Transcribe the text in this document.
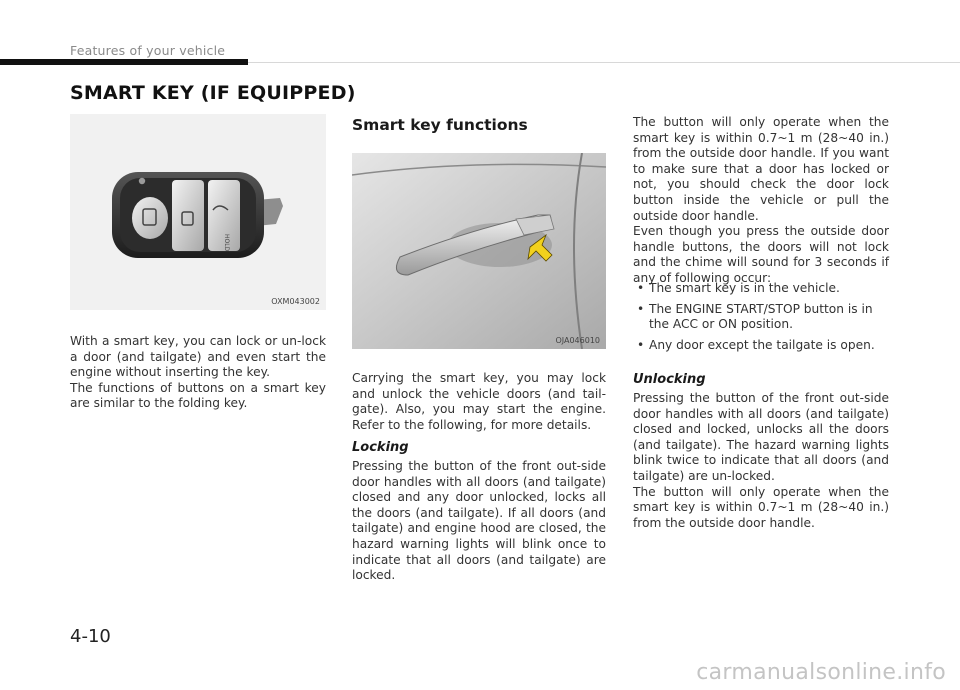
Features of your vehicle
SMART KEY (IF EQUIPPED)
HOLD
OXM043002

With a smart key, you can lock or un-lock a door (and tailgate) and even start the engine without inserting the key.

The functions of buttons on a smart key are similar to the folding key.

Smart key functions
OJA046010

Carrying the smart key, you may lock and unlock the vehicle doors (and tail-gate). Also, you may start the engine. Refer to the following, for more details.

Locking

Pressing the button of the front out-side door handles with all doors (and tailgate) closed and any door unlocked, locks all the doors (and tailgate). If all doors (and tailgate) and engine hood are closed, the hazard warning lights will blink once to indicate that all doors (and tailgate) are locked.

The button will only operate when the smart key is within 0.7~1 m (28~40 in.) from the outside door handle. If you want to make sure that a door has locked or not, you should check the door lock button inside the vehicle or pull the outside door handle.

Even though you press the outside door handle buttons, the doors will not lock and the chime will sound for 3 seconds if any of following occur:

• The smart key is in the vehicle.
• The ENGINE START/STOP button is in the ACC or ON position.
• Any door except the tailgate is open.
Unlocking

Pressing the button of the front out-side door handles with all doors (and tailgate) closed and locked, unlocks all the doors (and tailgate). The hazard warning lights blink twice to indicate that all doors (and tailgate) are un-locked.

The button will only operate when the smart key is within 0.7~1 m (28~40 in.) from the outside door handle.

4-10
carmanualsonline.info
